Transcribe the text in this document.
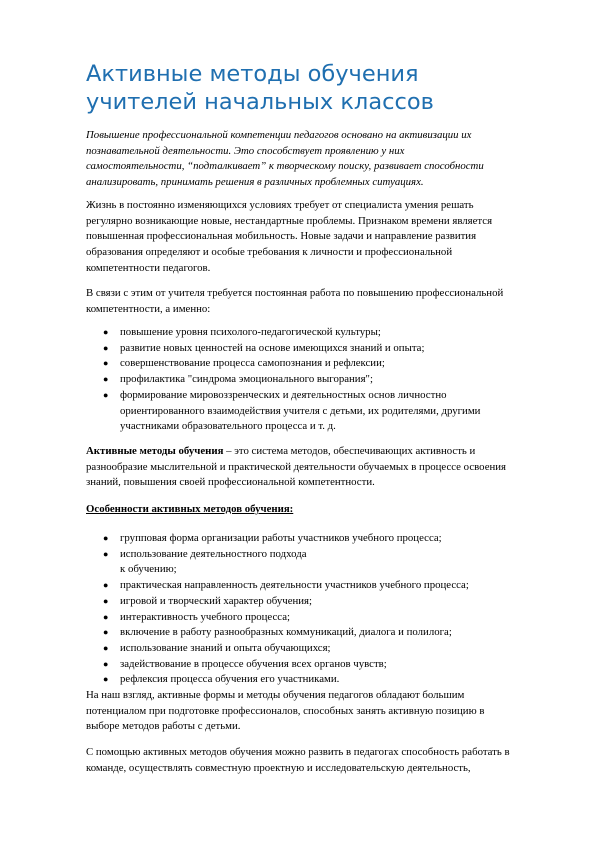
Активные методы обучения
учителей начальных классов

Повышение профессиональной компетенции педагогов основано на активизации их
познавательной деятельности. Это способствует проявлению у них
самостоятельности, “подталкивает” к творческому поиску, развивает способности
анализировать, принимать решения в различных проблемных ситуациях.

Жизнь в постоянно изменяющихся условиях требует от специалиста умения решать
регулярно возникающие новые, нестандартные проблемы. Признаком времени является
повышенная профессиональная мобильность. Новые задачи и направление развития
образования определяют и особые требования к личности и профессиональной
компетентности педагогов.

В связи с этим от учителя требуется постоянная работа по повышению профессиональной
компетентности, а именно:

● повышение уровня психолого-педагогической культуры;
● развитие новых ценностей на основе имеющихся знаний и опыта;
● совершенствование процесса самопознания и рефлексии;
● профилактика "синдрома эмоционального выгорания";
● формирование мировоззренческих и деятельностных основ личностно
ориентированного взаимодействия учителя с детьми, их родителями, другими
участниками образовательного процесса и т. д.

Активные методы обучения – это система методов, обеспечивающих активность и
разнообразие мыслительной и практической деятельности обучаемых в процессе освоения
знаний, повышения своей профессиональной компетентности.

Особенности активных методов обучения:

● групповая форма организации работы участников учебного процесса;
● использование деятельностного подхода
к обучению;
● практическая направленность деятельности участников учебного процесса;
● игровой и творческий характер обучения;
● интерактивность учебного процесса;
● включение в работу разнообразных коммуникаций, диалога и полилога;
● использование знаний и опыта обучающихся;
● задействование в процессе обучения всех органов чувств;
● рефлексия процесса обучения его участниками.

На наш взгляд, активные формы и методы обучения педагогов обладают большим
потенциалом при подготовке профессионалов, способных занять активную позицию в
выборе методов работы с детьми.

С помощью активных методов обучения можно развить в педагогах способность работать в
команде, осуществлять совместную проектную и исследовательскую деятельность,
